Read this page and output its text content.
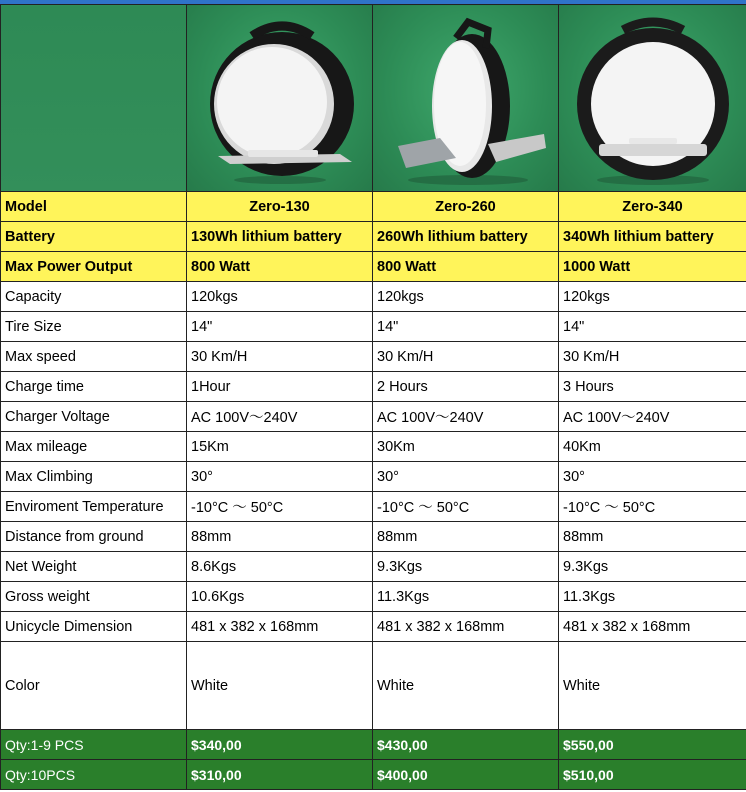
Model	Zero-130	Zero-260	Zero-340
Battery	130Wh lithium battery	260Wh lithium battery	340Wh lithium battery
Max Power Output	800 Watt	800 Watt	1000 Watt
Capacity	120kgs	120kgs	120kgs
Tire Size	14"	14"	14"
Max speed	30 Km/H	30 Km/H	30 Km/H
Charge time	1Hour	2 Hours	3 Hours
Charger Voltage	AC 100V～240V	AC 100V～240V	AC 100V～240V
Max mileage	15Km	30Km	40Km
Max Climbing	30°	30°	30°
Enviroment Temperature	-10°C ～ 50°C	-10°C ～ 50°C	-10°C ～ 50°C
Distance from ground	88mm	88mm	88mm
Net Weight	8.6Kgs	9.3Kgs	9.3Kgs
Gross weight	10.6Kgs	11.3Kgs	11.3Kgs
Unicycle Dimension	481 x 382 x 168mm	481 x 382 x 168mm	481 x 382 x 168mm
Color	White	White	White
Qty:1-9 PCS	$340,00	$430,00	$550,00
Qty:10PCS	$310,00	$400,00	$510,00
